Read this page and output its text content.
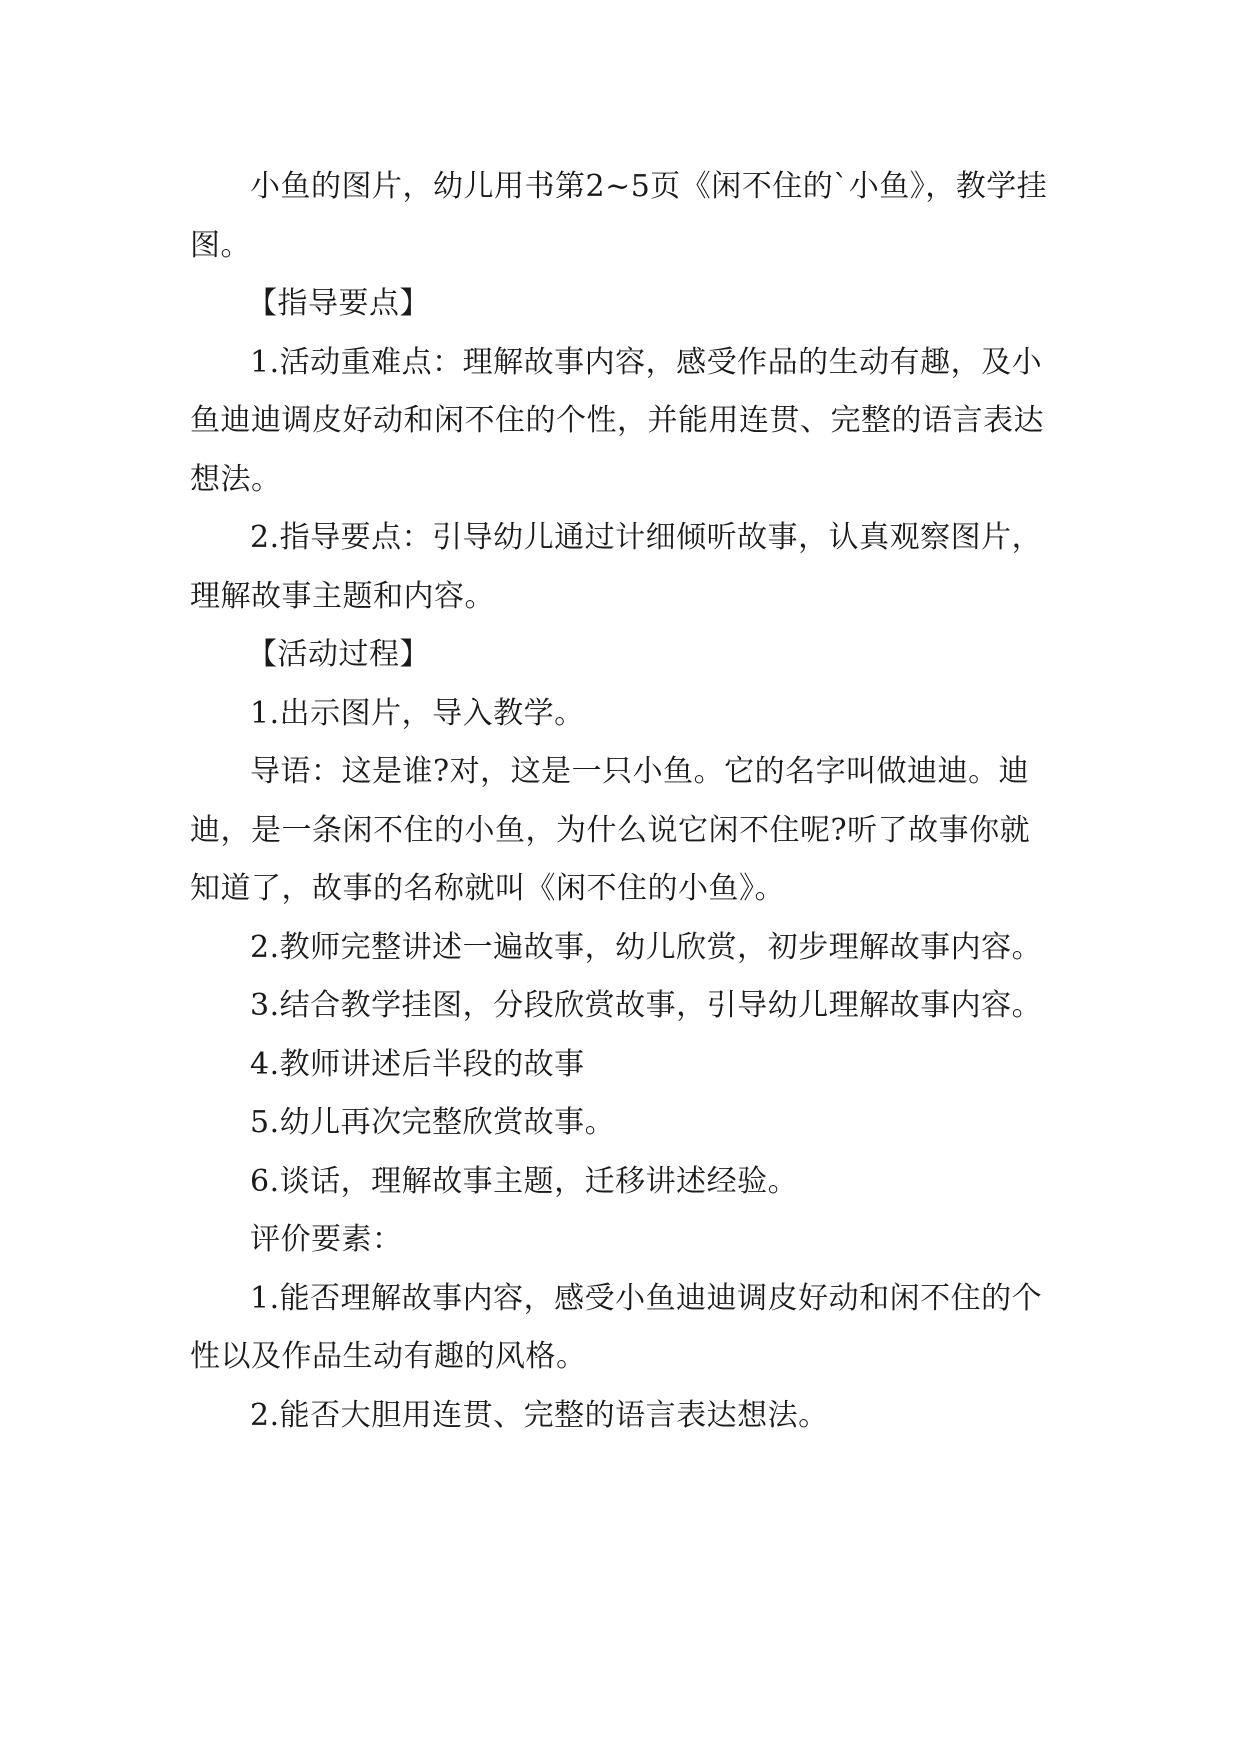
小鱼的图片，幼儿用书第2~5页《闲不住的`小鱼》，教学挂图。

【指导要点】

1.活动重难点：理解故事内容，感受作品的生动有趣，及小鱼迪迪调皮好动和闲不住的个性，并能用连贯、完整的语言表达想法。

2.指导要点：引导幼儿通过计细倾听故事，认真观察图片，理解故事主题和内容。

【活动过程】

1.出示图片，导入教学。

导语：这是谁?对，这是一只小鱼。它的名字叫做迪迪。迪迪，是一条闲不住的小鱼，为什么说它闲不住呢?听了故事你就知道了，故事的名称就叫《闲不住的小鱼》。

2.教师完整讲述一遍故事，幼儿欣赏，初步理解故事内容。

3.结合教学挂图，分段欣赏故事，引导幼儿理解故事内容。

4.教师讲述后半段的故事

5.幼儿再次完整欣赏故事。

6.谈话，理解故事主题，迁移讲述经验。

评价要素：

1.能否理解故事内容，感受小鱼迪迪调皮好动和闲不住的个性以及作品生动有趣的风格。

2.能否大胆用连贯、完整的语言表达想法。
